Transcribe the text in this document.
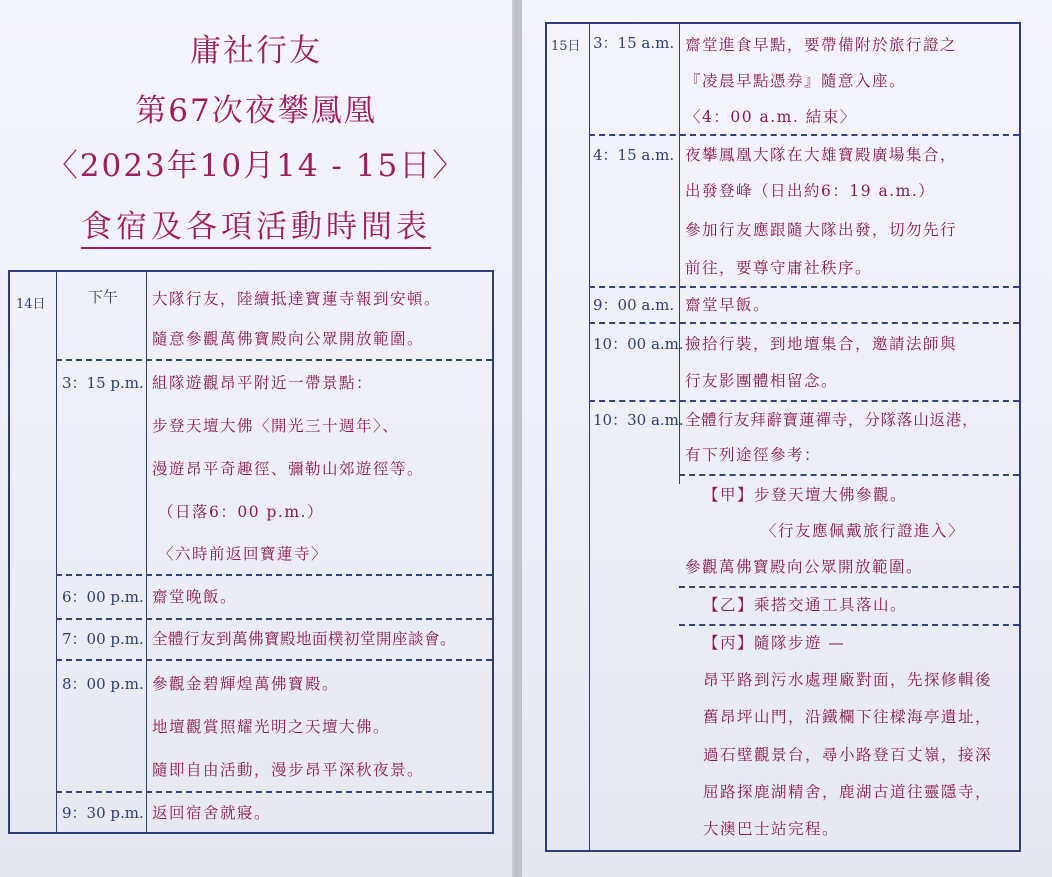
庸社行友
第67次夜攀鳳凰
〈2023年10月14 - 15日〉
食宿及各項活動時間表
14日	下午 大隊行友，陸續抵達寶蓮寺報到安頓。
隨意參觀萬佛寶殿向公眾開放範圍。
3：15 p.m. 組隊遊觀昂平附近一帶景點：
步登天壇大佛〈開光三十週年〉、
漫遊昂平奇趣徑、彌勒山郊遊徑等。
（日落6：00 p.m.）
〈六時前返回寶蓮寺〉
6：00 p.m. 齋堂晚飯。
7：00 p.m. 全體行友到萬佛寶殿地面樸初堂開座談會。
8：00 p.m. 參觀金碧輝煌萬佛寶殿。
地壇觀賞照耀光明之天壇大佛。
隨即自由活動，漫步昂平深秋夜景。
9：30 p.m. 返回宿舍就寢。
15日 3：15 a.m. 齋堂進食早點，要帶備附於旅行證之
『凌晨早點憑券』隨意入座。
〈4：00 a.m. 結束〉
4：15 a.m. 夜攀鳳凰大隊在大雄寶殿廣場集合，
出發登峰（日出約6：19 a.m.）
參加行友應跟隨大隊出發，切勿先行
前往，要尊守庸社秩序。
9：00 a.m. 齋堂早飯。
10：00 a.m. 撿拾行裝，到地壇集合，邀請法師與
行友影團體相留念。
10：30 a.m. 全體行友拜辭寶蓮禪寺，分隊落山返港，
有下列途徑參考：
【甲】步登天壇大佛參觀。
〈行友應佩戴旅行證進入〉
參觀萬佛寶殿向公眾開放範圍。
【乙】乘搭交通工具落山。
【丙】隨隊步遊 —
昂平路到污水處理廠對面，先探修輯後
舊昂坪山門，沿鐵欄下往樑海亭遺址，
過石壁觀景台，尋小路登百丈嶺，接深
屈路探鹿湖精舍，鹿湖古道往靈隱寺，
大澳巴士站完程。
